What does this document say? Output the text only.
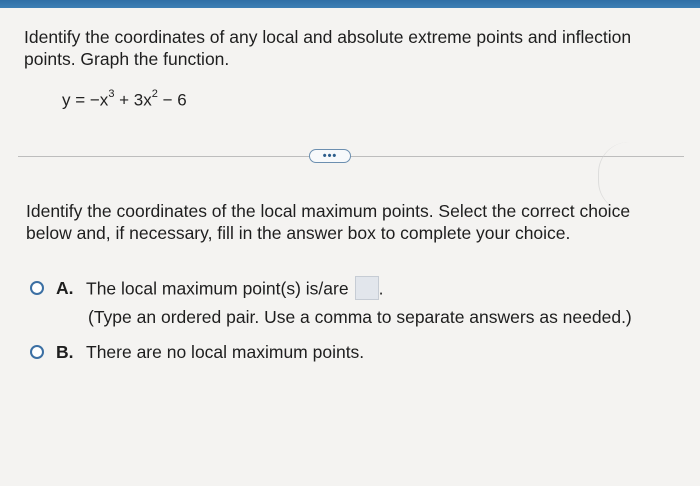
Identify the coordinates of any local and absolute extreme points and inflection points. Graph the function.
$y = -x^3 + 3x^2 - 6$
•••
Identify the coordinates of the local maximum points. Select the correct choice below and, if necessary, fill in the answer box to complete your choice.
A. The local maximum point(s) is/are .
(Type an ordered pair. Use a comma to separate answers as needed.)
B. There are no local maximum points.
